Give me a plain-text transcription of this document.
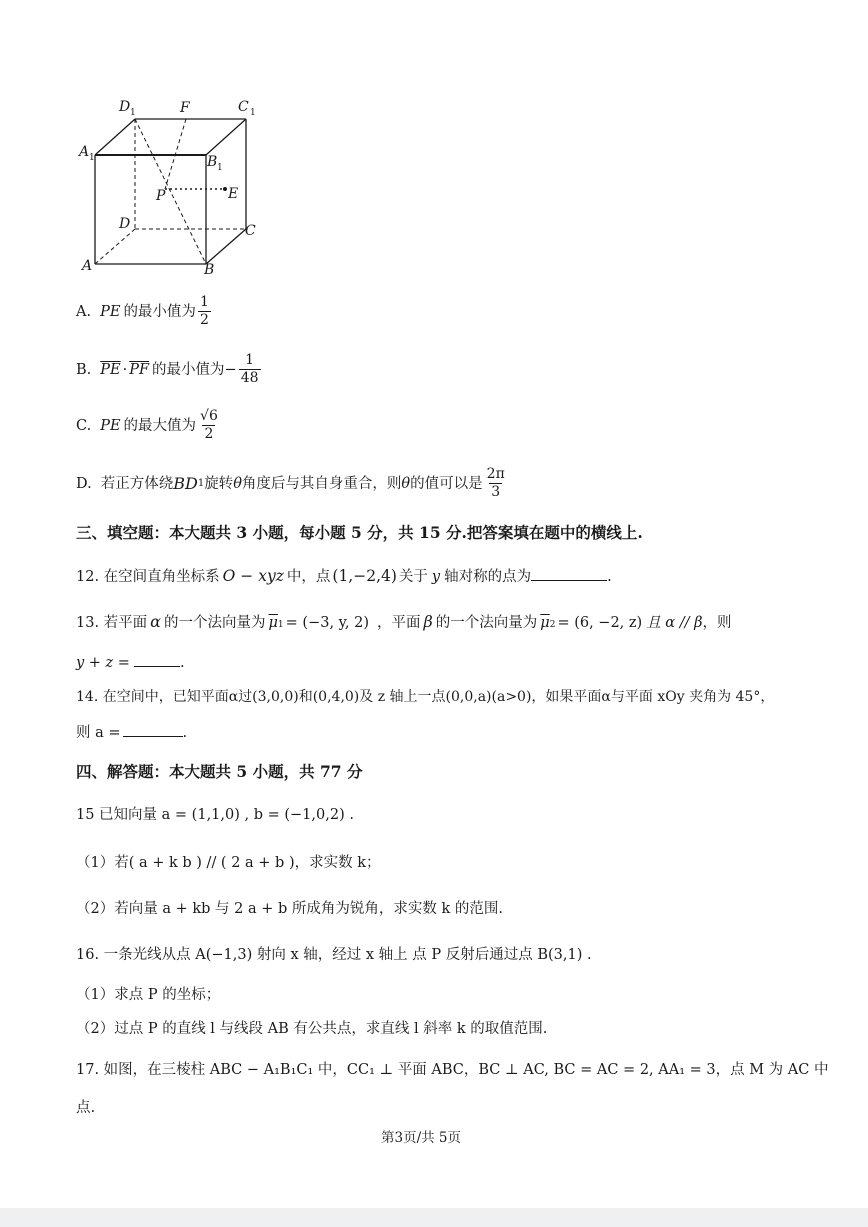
D 1	F	C 1
A 1	B 1
P	E
D	C
A	B
A. PE 的最小值为 $\frac{1}{2}$
B. $\overline{PE} \cdot \overline{PF}$ 的最小值为− $\frac{1}{48}$
C. PE 的最大值为 $\frac{√6}{2}$
D. 若正方体绕 BD 1 旋转 θ 角度后与其自身重合，则 θ 的值可以是 $\frac{2\pi}{3}$
三、填空题：本大题共 3 小题，每小题 5 分，共 15 分.把答案填在题中的横线上.
12. 在空间直角坐标系 O − xyz 中，点 (1,−2,4) 关于 y 轴对称的点为	.
13. 若平面 α 的一个法向量为 $\overline{\mu}$ 1 = (−3, y, 2) ，平面 β 的一个法向量为 $\overline{\mu}$ 2 = (6, −2, z) 且 α // β ，则
y + z =	.
14. 在空间中，已知平面α过(3,0,0)和(0,4,0)及 z 轴上一点(0,0,a)(a>0)，如果平面α与平面 xOy 夹角为 45°，
则 a =	.
四、解答题：本大题共 5 小题，共 77 分
15 已知向量 a = (1,1,0) , b = (−1,0,2) .
（1）若( a + k b ) // ( 2 a + b )，求实数 k；
（2）若向量 a + kb 与 2 a + b 所成角为锐角，求实数 k 的范围.
16. 一条光线从点 A(−1,3) 射向 x 轴，经过 x 轴上 点 P 反射后通过点 B(3,1) .
（1）求点 P 的坐标；
（2）过点 P 的直线 l 与线段 AB 有公共点，求直线 l 斜率 k 的取值范围.
17. 如图，在三棱柱 ABC − A₁B₁C₁ 中，CC₁ ⊥ 平面 ABC，BC ⊥ AC, BC = AC = 2, AA₁ = 3，点 M 为 AC 中
点.
第3页/共 5页
